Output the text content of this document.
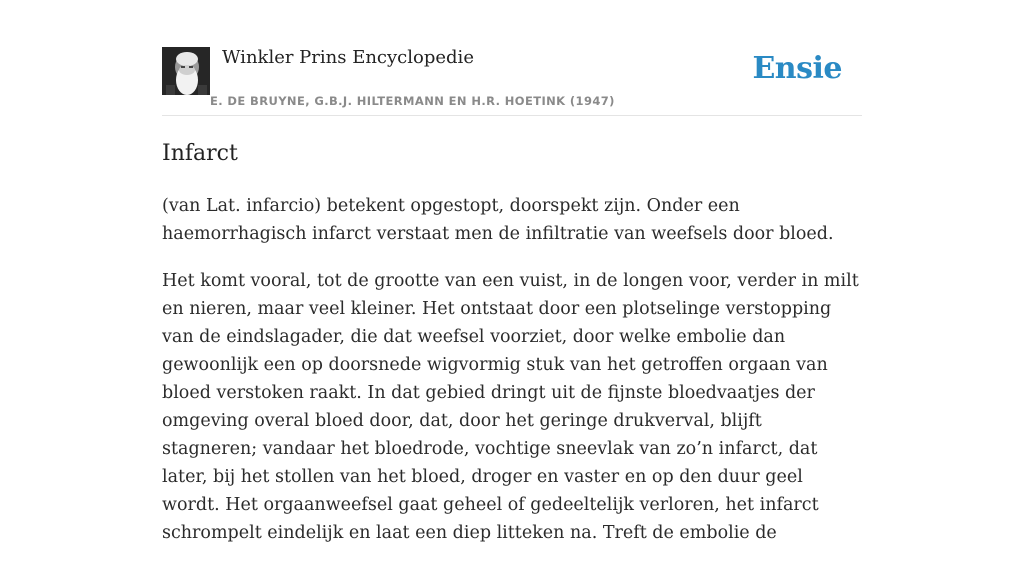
Winkler Prins Encyclopedie
E. DE BRUYNE, G.B.J. HILTERMANN EN H.R. HOETINK (1947)
Ensie
Infarct

(van Lat. infarcio) betekent opgestopt, doorspekt zijn. Onder een haemorrhagisch infarct verstaat men de infiltratie van weefsels door bloed.

Het komt vooral, tot de grootte van een vuist, in de longen voor, verder in milt en nieren, maar veel kleiner. Het ontstaat door een plotselinge verstopping van de eindslagader, die dat weefsel voorziet, door welke embolie dan gewoonlijk een op doorsnede wigvormig stuk van het getroffen orgaan van bloed verstoken raakt. In dat gebied dringt uit de fijnste bloedvaatjes der omgeving overal bloed door, dat, door het geringe drukverval, blijft stagneren; vandaar het bloedrode, vochtige sneevlak van zo’n infarct, dat later, bij het stollen van het bloed, droger en vaster en op den duur geel wordt. Het orgaanweefsel gaat geheel of gedeeltelijk verloren, het infarct schrompelt eindelijk en laat een diep litteken na. Treft de embolie de
